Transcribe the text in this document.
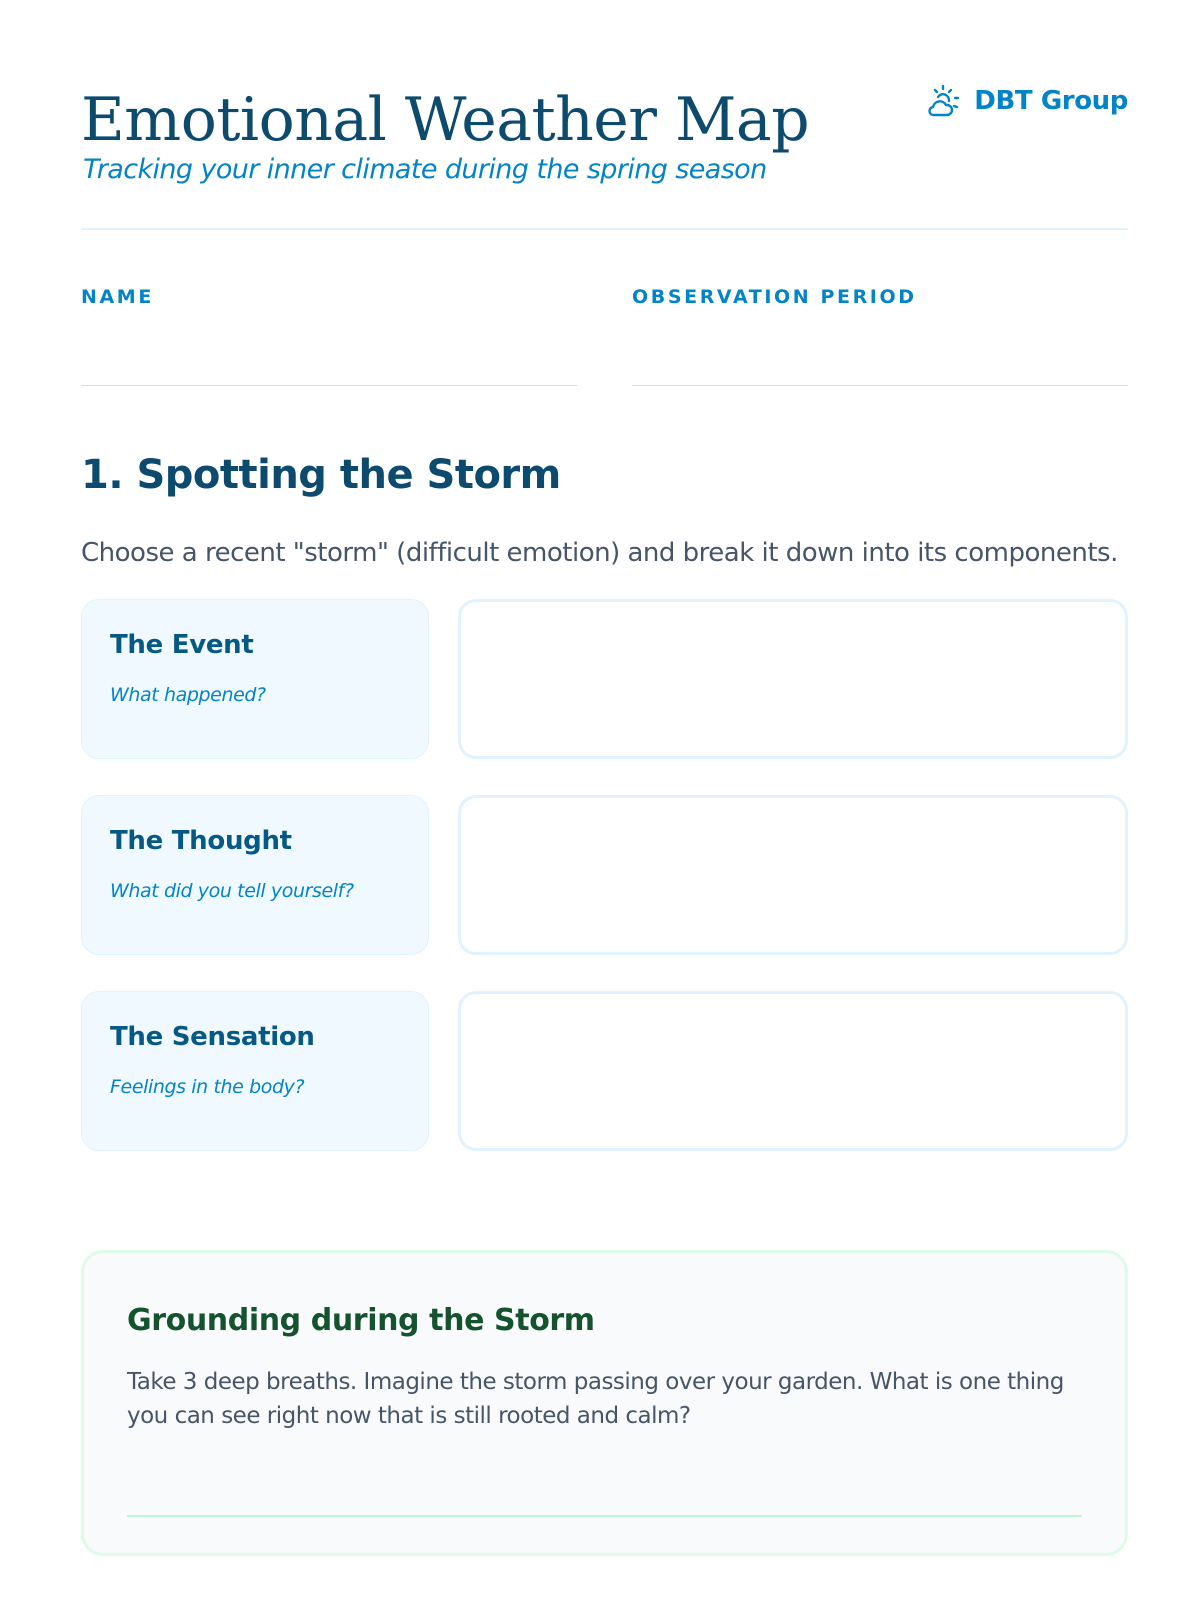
Emotional Weather Map
Tracking your inner climate during the spring season
DBT Group
NAME	OBSERVATION PERIOD
1. Spotting the Storm

Choose a recent "storm" (difficult emotion) and break it down into its components.

The Event
What happened?
The Thought
What did you tell yourself?
The Sensation
Feelings in the body?
Grounding during the Storm

Take 3 deep breaths. Imagine the storm passing over your garden. What is one thing you can see right now that is still rooted and calm?
